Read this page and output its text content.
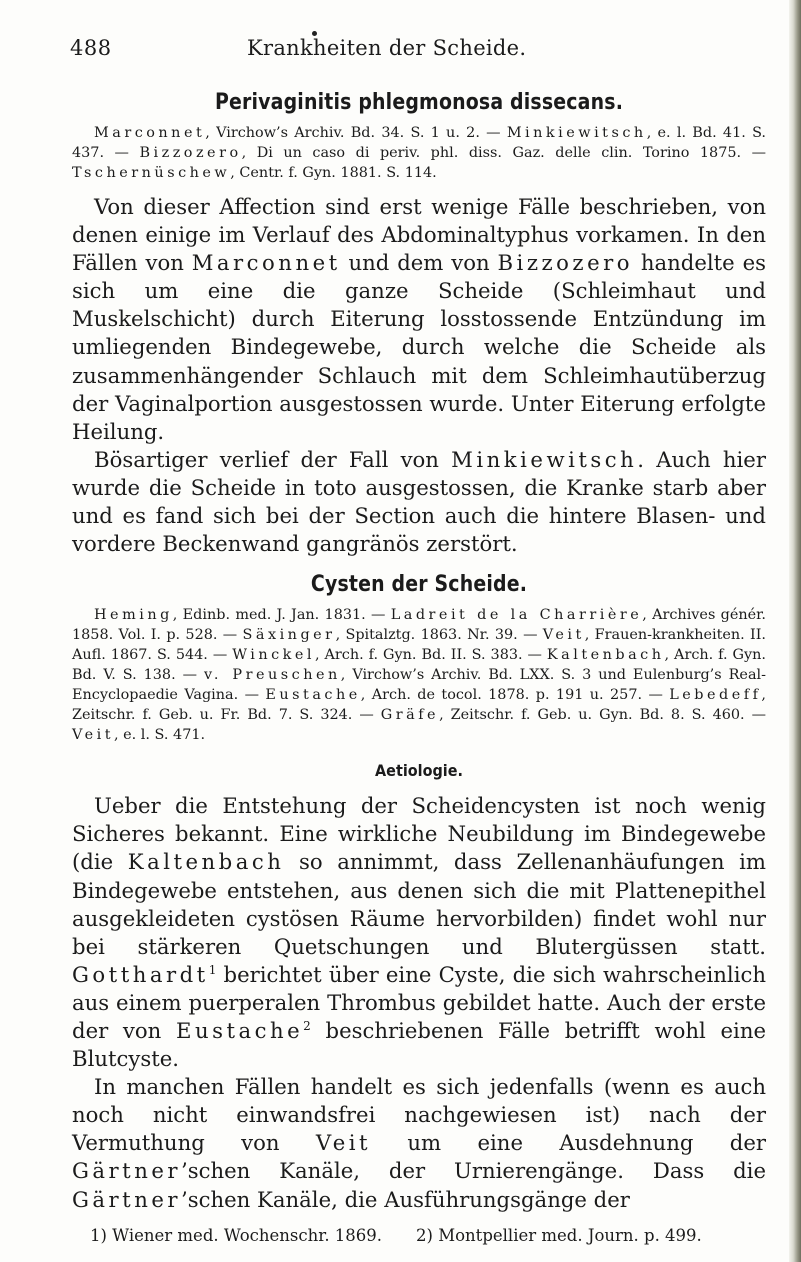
488	Krankheiten der Scheide.
Perivaginitis phlegmonosa dissecans.

Marconnet, Virchow’s Archiv. Bd. 34. S. 1 u. 2. — Minkiewitsch, e. l. Bd. 41. S. 437. — Bizzozero, Di un caso di periv. phl. diss. Gaz. delle clin. Torino 1875. — Tschernüschew, Centr. f. Gyn. 1881. S. 114.

Von dieser Affection sind erst wenige Fälle beschrieben, von denen einige im Verlauf des Abdominaltyphus vorkamen. In den Fällen von Marconnet und dem von Bizzozero handelte es sich um eine die ganze Scheide (Schleimhaut und Muskelschicht) durch Eiterung losstossende Entzündung im umliegenden Bindegewebe, durch welche die Scheide als zusammenhängender Schlauch mit dem Schleimhautüberzug der Vaginalportion ausgestossen wurde. Unter Eiterung erfolgte Heilung.

Bösartiger verlief der Fall von Minkiewitsch. Auch hier wurde die Scheide in toto ausgestossen, die Kranke starb aber und es fand sich bei der Section auch die hintere Blasen- und vordere Beckenwand gangränös zerstört.

Cysten der Scheide.

Heming, Edinb. med. J. Jan. 1831. — Ladreit de la Charrière, Archives génér. 1858. Vol. I. p. 528. — Säxinger, Spitalztg. 1863. Nr. 39. — Veit, Frauen-krankheiten. II. Aufl. 1867. S. 544. — Winckel, Arch. f. Gyn. Bd. II. S. 383. — Kaltenbach, Arch. f. Gyn. Bd. V. S. 138. — v. Preuschen, Virchow’s Archiv. Bd. LXX. S. 3 und Eulenburg’s Real-Encyclopaedie Vagina. — Eustache, Arch. de tocol. 1878. p. 191 u. 257. — Lebedeff, Zeitschr. f. Geb. u. Fr. Bd. 7. S. 324. — Gräfe, Zeitschr. f. Geb. u. Gyn. Bd. 8. S. 460. — Veit, e. l. S. 471.

Aetiologie.

Ueber die Entstehung der Scheidencysten ist noch wenig Sicheres bekannt. Eine wirkliche Neubildung im Bindegewebe (die Kaltenbach so annimmt, dass Zellenanhäufungen im Bindegewebe entstehen, aus denen sich die mit Plattenepithel ausgekleideten cystösen Räume hervorbilden) findet wohl nur bei stärkeren Quetschungen und Blutergüssen statt. Gotthardt$^1$ berichtet über eine Cyste, die sich wahrscheinlich aus einem puerperalen Thrombus gebildet hatte. Auch der erste der von Eustache$^2$ beschriebenen Fälle betrifft wohl eine Blutcyste.

In manchen Fällen handelt es sich jedenfalls (wenn es auch noch nicht einwandsfrei nachgewiesen ist) nach der Vermuthung von Veit um eine Ausdehnung der Gärtner’schen Kanäle, der Urnierengänge. Dass die Gärtner’schen Kanäle, die Ausführungsgänge der

1) Wiener med. Wochenschr. 1869. 2) Montpellier med. Journ. p. 499.
